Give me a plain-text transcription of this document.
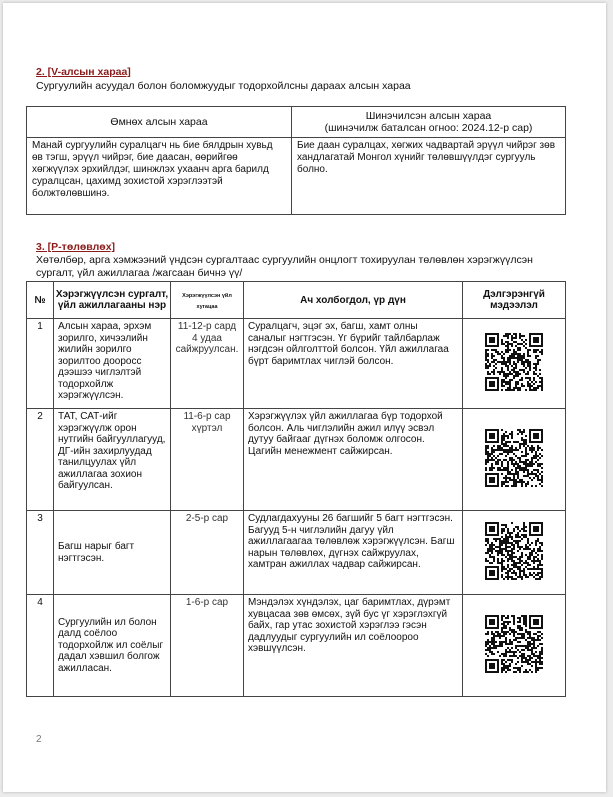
2. [V-алсын хараа]
Сургуулийн асуудал болон боломжуудыг тодорхойлсны дараах алсын хараа
Өмнөх алсын хараа	Шинэчилсэн алсын хараа
(шинэчилж баталсан огноо: 2024.12-р сар)

Манай сургуулийн суралцагч нь бие бялдрын хувьд өв тэгш, эрүүл чийрэг, бие даасан, өөрийгөө хөгжүүлэх эрхийлдэг, шинжлэх ухаанч арга барилд суралцсан, цахимд зохистой хэрэглээтэй болжтөлөвшинэ.	Бие даан суралцах, хөгжих чадвартай эрүүл чийрэг зөв хандлагатай Монгол хүнийг төлөвшүүлдэг сургууль болно.
3. [P-төлөвлөх]
Хөтөлбөр, арга хэмжээний үндсэн сургалтаас сургуулийн онцлогт тохируулан төлөвлөн хэрэгжүүлсэн сургалт, үйл ажиллагаа /жагсаан бичнэ үү/
№	Хэрэгжүүлсэн сургалт, үйл ажиллагааны нэр	Хэрэгжүүлсэн үйл хугацаа	Ач холбогдол, үр дүн	Дэлгэрэнгүй мэдээлэл
1	Алсын хараа, эрхэм зорилго, хичээлийн жилийн зорилго зорилтоо дооросс дээшээ чиглэлтэй тодорхойлж хэрэгжүүлсэн.	11-12-р сард 4 удаа сайжруулсан.	Суралцагч, эцэг эх, багш, хамт олны саналыг нэгтгэсэн. Үг бүрийг тайлбарлаж нэгдсэн ойлголттой болсон. Үйл ажиллагаа бүрт баримтлах чиглэй болсон.	
2	ТАТ, САТ-ийг хэрэгжүүлж орон нутгийн байгууллагууд, ДГ-ийн захирлуудад танилцуулах үйл ажиллагаа зохион байгуулсан.	11-6-р сар хүртэл	Хэрэгжүүлэх үйл ажиллагаа бүр тодорхой болсон. Аль чиглэлийн ажил илүү эсвэл дутуу байгааг дүгнэх боломж олгосон. Цагийн менежмент сайжирсан.	
3	Багш нарыг багт нэгтгэсэн.	2-5-р сар	Судлагдахууны 26 багшийг 5 багт нэгтгэсэн. Багууд 5-н чиглэлийн дагуу үйл ажиллагаагаа төлөвлөж хэрэгжүүлсэн. Багш нарын төлөвлөх, дүгнэх сайжруулах, хамтран ажиллах чадвар сайжирсан.	
4	Сургуулийн ил болон далд соёлоо тодорхойлж ил соёлыг дадал хэвшил болгож ажилласан.	1-6-р сар	Мэндэлэх хүндэлэх, цаг баримтлах, дүрэмт хувцасаа зөв өмсөх, зүй бус үг хэрэглэхгүй байх, гар утас зохистой хэрэглээ гэсэн дадлуудыг сургуулийн ил соёлоороо хэвшүүлсэн.	
2
